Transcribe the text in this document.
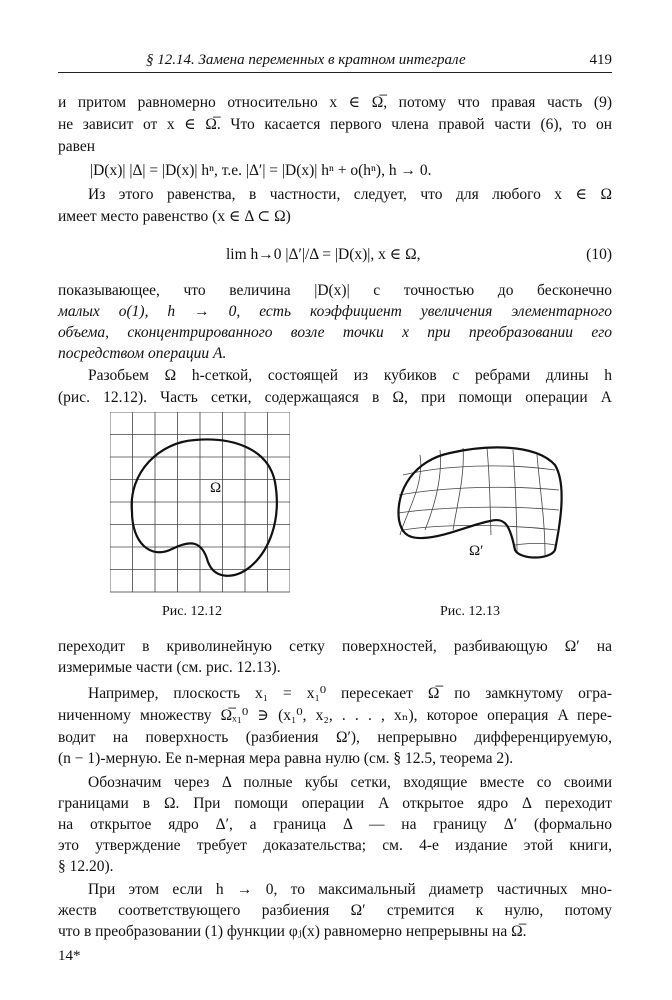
§ 12.14. Замена переменных в кратном интеграле	419
и притом равномерно относительно x ∈ Ω̅, потому что правая часть (9)
не зависит от x ∈ Ω̅. Что касается первого члена правой части (6), то он
равен
|D(x)| |Δ| = |D(x)| hⁿ, т.е. |Δ′| = |D(x)| hⁿ + o(hⁿ), h → 0.
Из этого равенства, в частности, следует, что для любого x ∈ Ω
имеет место равенство (x ∈ Δ ⊂ Ω)
lim h→0 |Δ′|/Δ = |D(x)|, x ∈ Ω,	(10)
показывающее, что величина |D(x)| с точностью до бесконечно
малых o(1), h → 0, есть коэффициент увеличения элементарного
объема, сконцентрированного возле точки x при преобразовании его
посредством операции A.
Разобьем Ω h-сеткой, состоящей из кубиков с ребрами длины h
(рис. 12.12). Часть сетки, содержащаяся в Ω, при помощи операции A
Ω
Рис. 12.12
Ω′
Рис. 12.13
переходит в криволинейную сетку поверхностей, разбивающую Ω′ на
измеримые части (см. рис. 12.13).
Например, плоскость x₁ = x₁⁰ пересекает Ω̅ по замкнутому огра-
ниченному множеству Ω̅ₓ₁⁰ ∋ (x₁⁰, x₂, . . . , xₙ), которое операция A пере-
водит на поверхность (разбиения Ω′), непрерывно дифференцируемую,
(n − 1)-мерную. Ее n-мерная мера равна нулю (см. § 12.5, теорема 2).
Обозначим через Δ полные кубы сетки, входящие вместе со своими
границами в Ω. При помощи операции A открытое ядро Δ переходит
на открытое ядро Δ′, а граница Δ — на границу Δ′ (формально
это утверждение требует доказательства; см. 4-е издание этой книги,
§ 12.20).
При этом если h → 0, то максимальный диаметр частичных мно-
жеств соответствующего разбиения Ω′ стремится к нулю, потому
что в преобразовании (1) функции φⱼ(x) равномерно непрерывны на Ω̅.
14*
